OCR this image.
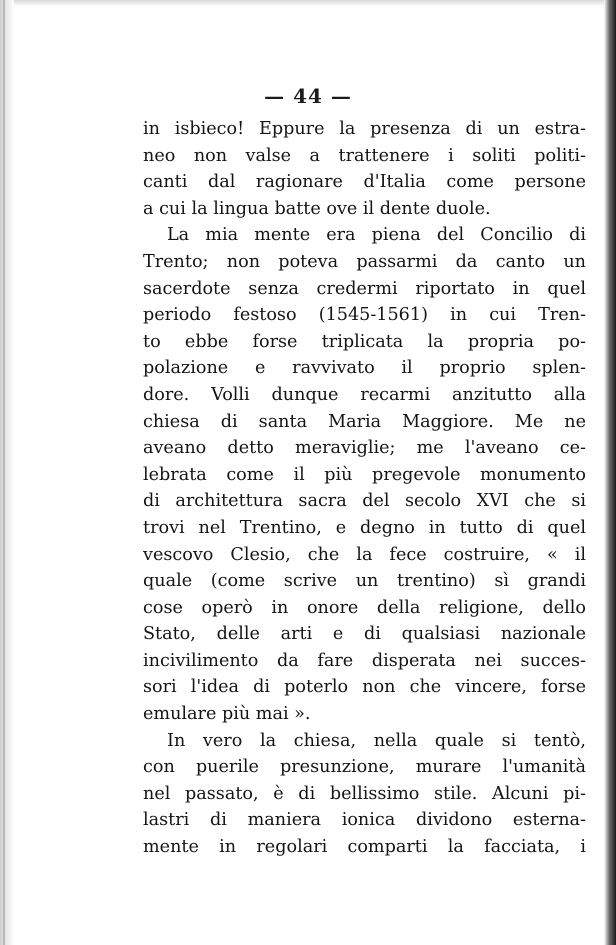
— 44 —
in isbieco! Eppure la presenza di un estra-
neo non valse a trattenere i soliti politi-
canti dal ragionare d'Italia come persone
a cui la lingua batte ove il dente duole.
La mia mente era piena del Concilio di
Trento; non poteva passarmi da canto un
sacerdote senza credermi riportato in quel
periodo festoso (1545-1561) in cui Tren-
to ebbe forse triplicata la propria po-
polazione e ravvivato il proprio splen-
dore. Volli dunque recarmi anzitutto alla
chiesa di santa Maria Maggiore. Me ne
aveano detto meraviglie; me l'aveano ce-
lebrata come il più pregevole monumento
di architettura sacra del secolo XVI che si
trovi nel Trentino, e degno in tutto di quel
vescovo Clesio, che la fece costruire, « il
quale (come scrive un trentino) sì grandi
cose operò in onore della religione, dello
Stato, delle arti e di qualsiasi nazionale
incivilimento da fare disperata nei succes-
sori l'idea di poterlo non che vincere, forse
emulare più mai ».
In vero la chiesa, nella quale si tentò,
con puerile presunzione, murare l'umanità
nel passato, è di bellissimo stile. Alcuni pi-
lastri di maniera ionica dividono esterna-
mente in regolari comparti la facciata, i
